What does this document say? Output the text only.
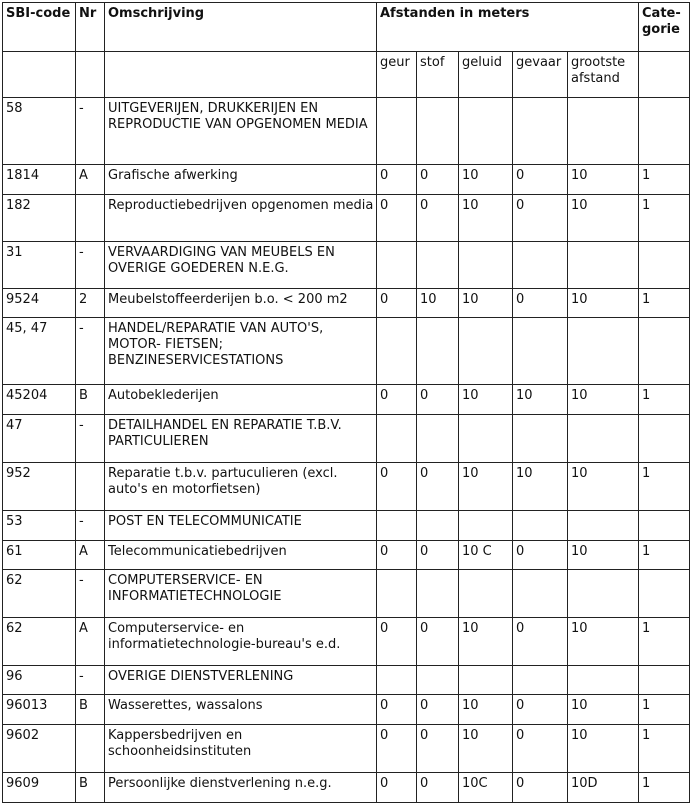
SBI-code	Nr	Omschrijving	Afstanden in meters					Cate-gorie
			geur	stof	geluid	gevaar	grootste afstand	
58	-	UITGEVERIJEN, DRUKKERIJEN EN REPRODUCTIE VAN OPGENOMEN MEDIA						
1814	A	Grafische afwerking	0	0	10	0	10	1
182		Reproductiebedrijven opgenomen media	0	0	10	0	10	1
31	-	VERVAARDIGING VAN MEUBELS EN OVERIGE GOEDEREN N.E.G.						
9524	2	Meubelstoffeerderijen b.o. < 200 m2	0	10	10	0	10	1
45, 47	-	HANDEL/REPARATIE VAN AUTO'S, MOTOR- FIETSEN; BENZINESERVICESTATIONS						
45204	B	Autobeklederijen	0	0	10	10	10	1
47	-	DETAILHANDEL EN REPARATIE T.B.V. PARTICULIEREN						
952		Reparatie t.b.v. partuculieren (excl. auto's en motorfietsen)	0	0	10	10	10	1
53	-	POST EN TELECOMMUNICATIE						
61	A	Telecommunicatiebedrijven	0	0	10 C	0	10	1
62	-	COMPUTERSERVICE- EN INFORMATIETECHNOLOGIE						
62	A	Computerservice- en informatietechnologie-bureau's e.d.	0	0	10	0	10	1
96	-	OVERIGE DIENSTVERLENING						
96013	B	Wasserettes, wassalons	0	0	10	0	10	1
9602		Kappersbedrijven en schoonheidsinstituten	0	0	10	0	10	1
9609	B	Persoonlijke dienstverlening n.e.g.	0	0	10C	0	10D	1
